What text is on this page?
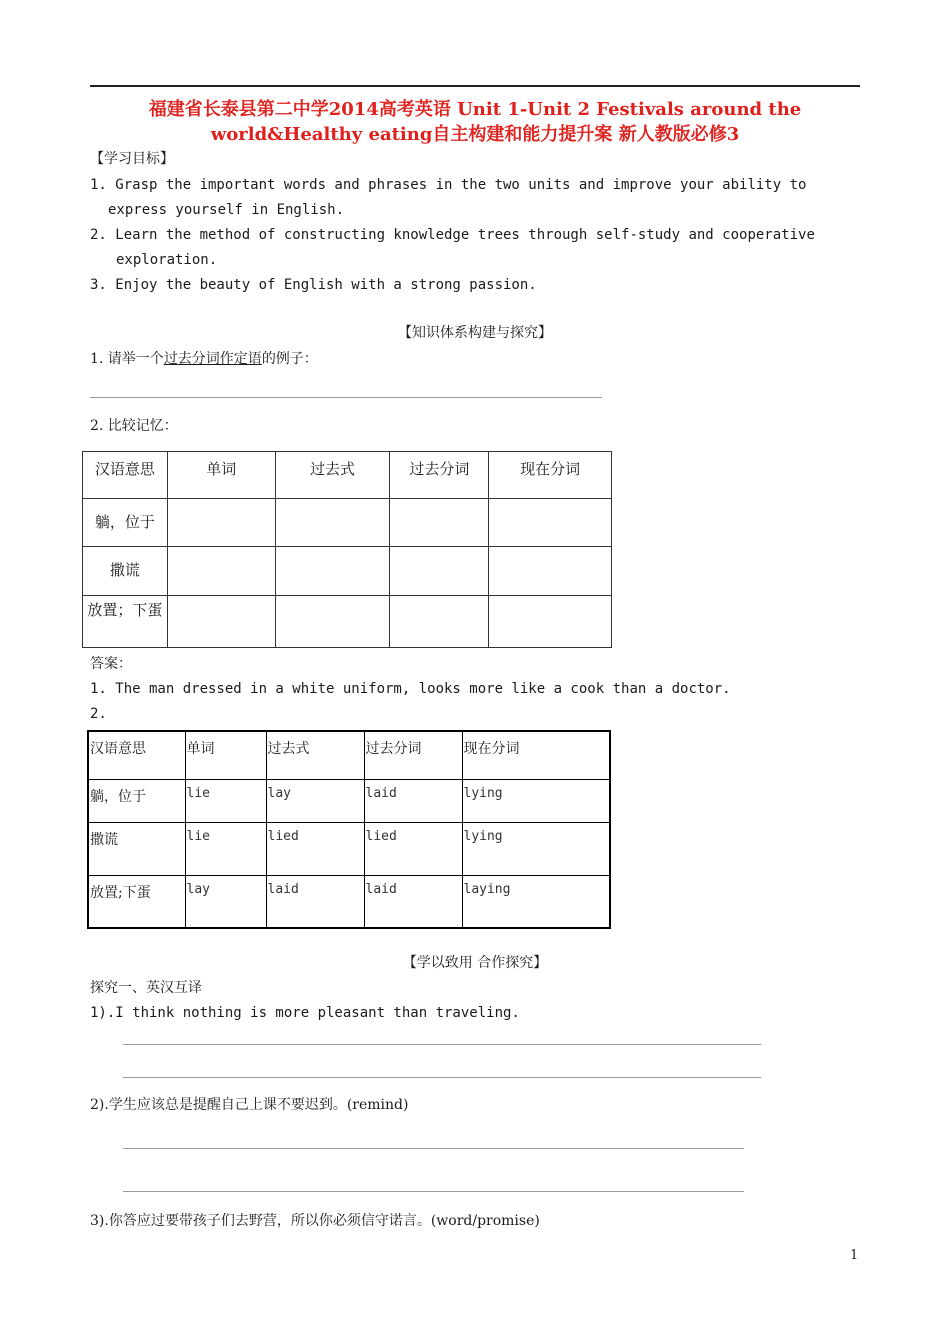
福建省长泰县第二中学2014高考英语 Unit 1-Unit 2 Festivals around the
world&Healthy eating自主构建和能力提升案 新人教版必修3
【学习目标】
1. Grasp the important words and phrases in the two units and improve your ability to
express yourself in English.
2. Learn the method of constructing knowledge trees through self-study and cooperative
exploration.
3. Enjoy the beauty of English with a strong passion.
【知识体系构建与探究】
1. 请举一个过去分词作定语的例子：
2. 比较记忆：
汉语意思	单词	过去式	过去分词	现在分词
躺，位于				
撒谎				
放置；下蛋				
答案：
1. The man dressed in a white uniform, looks more like a cook than a doctor.
2.
汉语意思	单词	过去式	过去分词	现在分词
躺，位于	lie	lay	laid	lying
撒谎	lie	lied	lied	lying
放置;下蛋	lay	laid	laid	laying
【学以致用 合作探究】
探究一、英汉互译
1).I think nothing is more pleasant than traveling.
2).学生应该总是提醒自己上课不要迟到。(remind)
3).你答应过要带孩子们去野营，所以你必须信守诺言。(word/promise)
1
